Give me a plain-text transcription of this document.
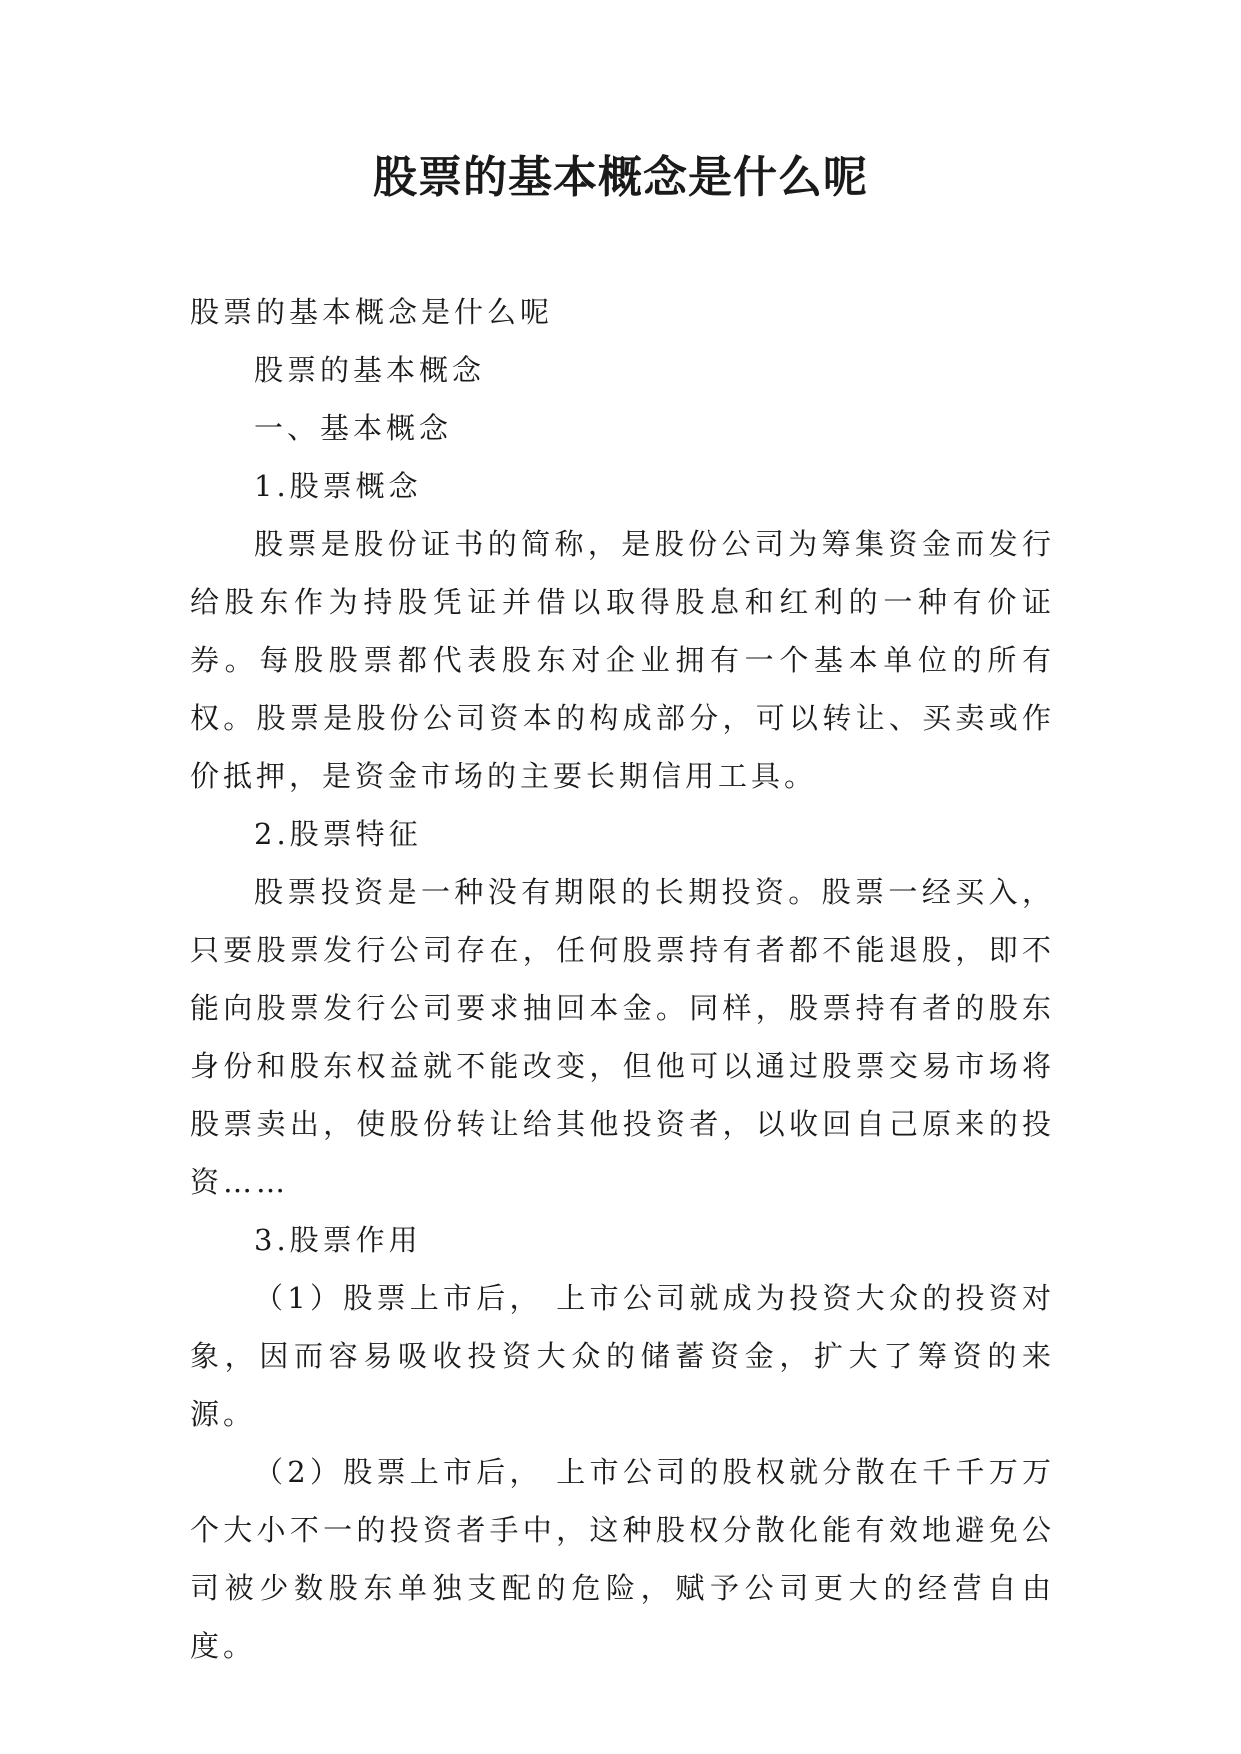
股票的基本概念是什么呢

股票的基本概念是什么呢

股票的基本概念

一、基本概念

1.股票概念

股票是股份证书的简称，是股份公司为筹集资金而发行给股东作为持股凭证并借以取得股息和红利的一种有价证券。每股股票都代表股东对企业拥有一个基本单位的所有权。股票是股份公司资本的构成部分，可以转让、买卖或作价抵押，是资金市场的主要长期信用工具。

2.股票特征

股票投资是一种没有期限的长期投资。股票一经买入，只要股票发行公司存在，任何股票持有者都不能退股，即不能向股票发行公司要求抽回本金。同样，股票持有者的股东身份和股东权益就不能改变，但他可以通过股票交易市场将股票卖出，使股份转让给其他投资者，以收回自己原来的投资……

3.股票作用

（1）股票上市后， 上市公司就成为投资大众的投资对象，因而容易吸收投资大众的储蓄资金，扩大了筹资的来源。

（2）股票上市后， 上市公司的股权就分散在千千万万个大小不一的投资者手中，这种股权分散化能有效地避免公司被少数股东单独支配的危险，赋予公司更大的经营自由度。
